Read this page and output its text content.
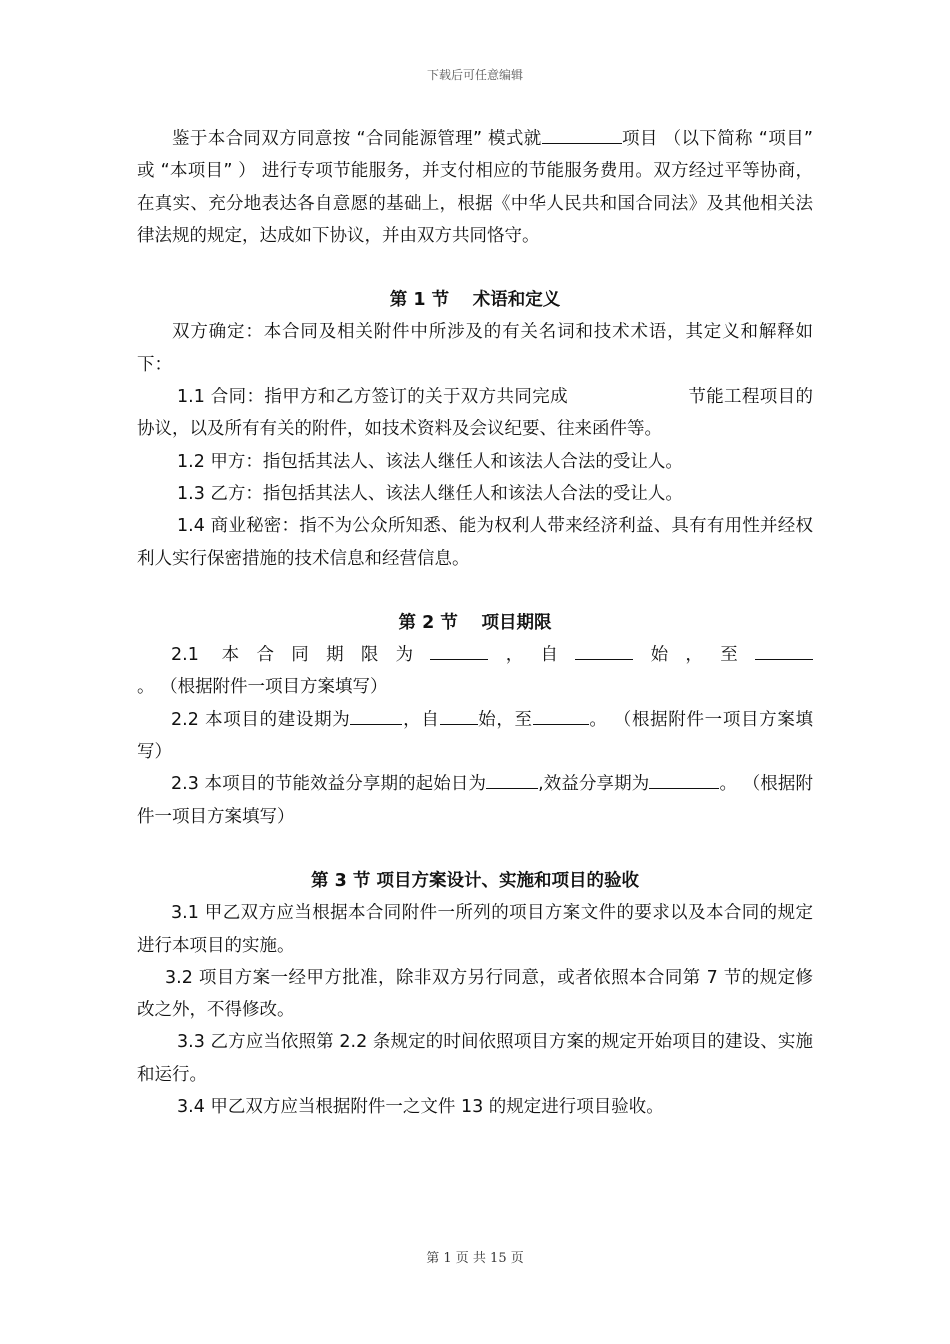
下载后可任意编辑

鉴于本合同双方同意按 “合同能源管理” 模式就	项目 （以下简称 “项目” 或 “本项目” ） 进行专项节能服务，并支付相应的节能服务费用。双方经过平等协商， 在真实、充分地表达各自意愿的基础上，根据《中华人民共和国合同法》及其他相关法律法规的规定，达成如下协议，并由双方共同恪守。

第 1 节　 术语和定义

双方确定：本合同及相关附件中所涉及的有关名词和技术术语，其定义和解释如下：

1.1 合同：指甲方和乙方签订的关于双方共同完成	节能工程项目的协议，以及所有有关的附件，如技术资料及会议纪要、往来函件等。

1.2 甲方：指包括其法人、该法人继任人和该法人合法的受让人。

1.3 乙方：指包括其法人、该法人继任人和该法人合法的受让人。

1.4 商业秘密：指不为公众所知悉、能为权利人带来经济利益、具有有用性并经权利人实行保密措施的技术信息和经营信息。

第 2 节　 项目期限

2.1 本合同期限为	，自	始，至。 （根据附件一项目方案填写）

2.2 本项目的建设期为	，自 始，至	。 （根据附件一项目方案填写）

2.3 本项目的节能效益分享期的起始日为	,效益分享期为	。 （根据附件一项目方案填写）

第 3 节 项目方案设计、实施和项目的验收

3.1 甲乙双方应当根据本合同附件一所列的项目方案文件的要求以及本合同的规定进行本项目的实施。

3.2 项目方案一经甲方批准，除非双方另行同意，或者依照本合同第 7 节的规定修改之外，不得修改。

3.3 乙方应当依照第 2.2 条规定的时间依照项目方案的规定开始项目的建设、实施和运行。

3.4 甲乙双方应当根据附件一之文件 13 的规定进行项目验收。

第 1 页 共 15 页
